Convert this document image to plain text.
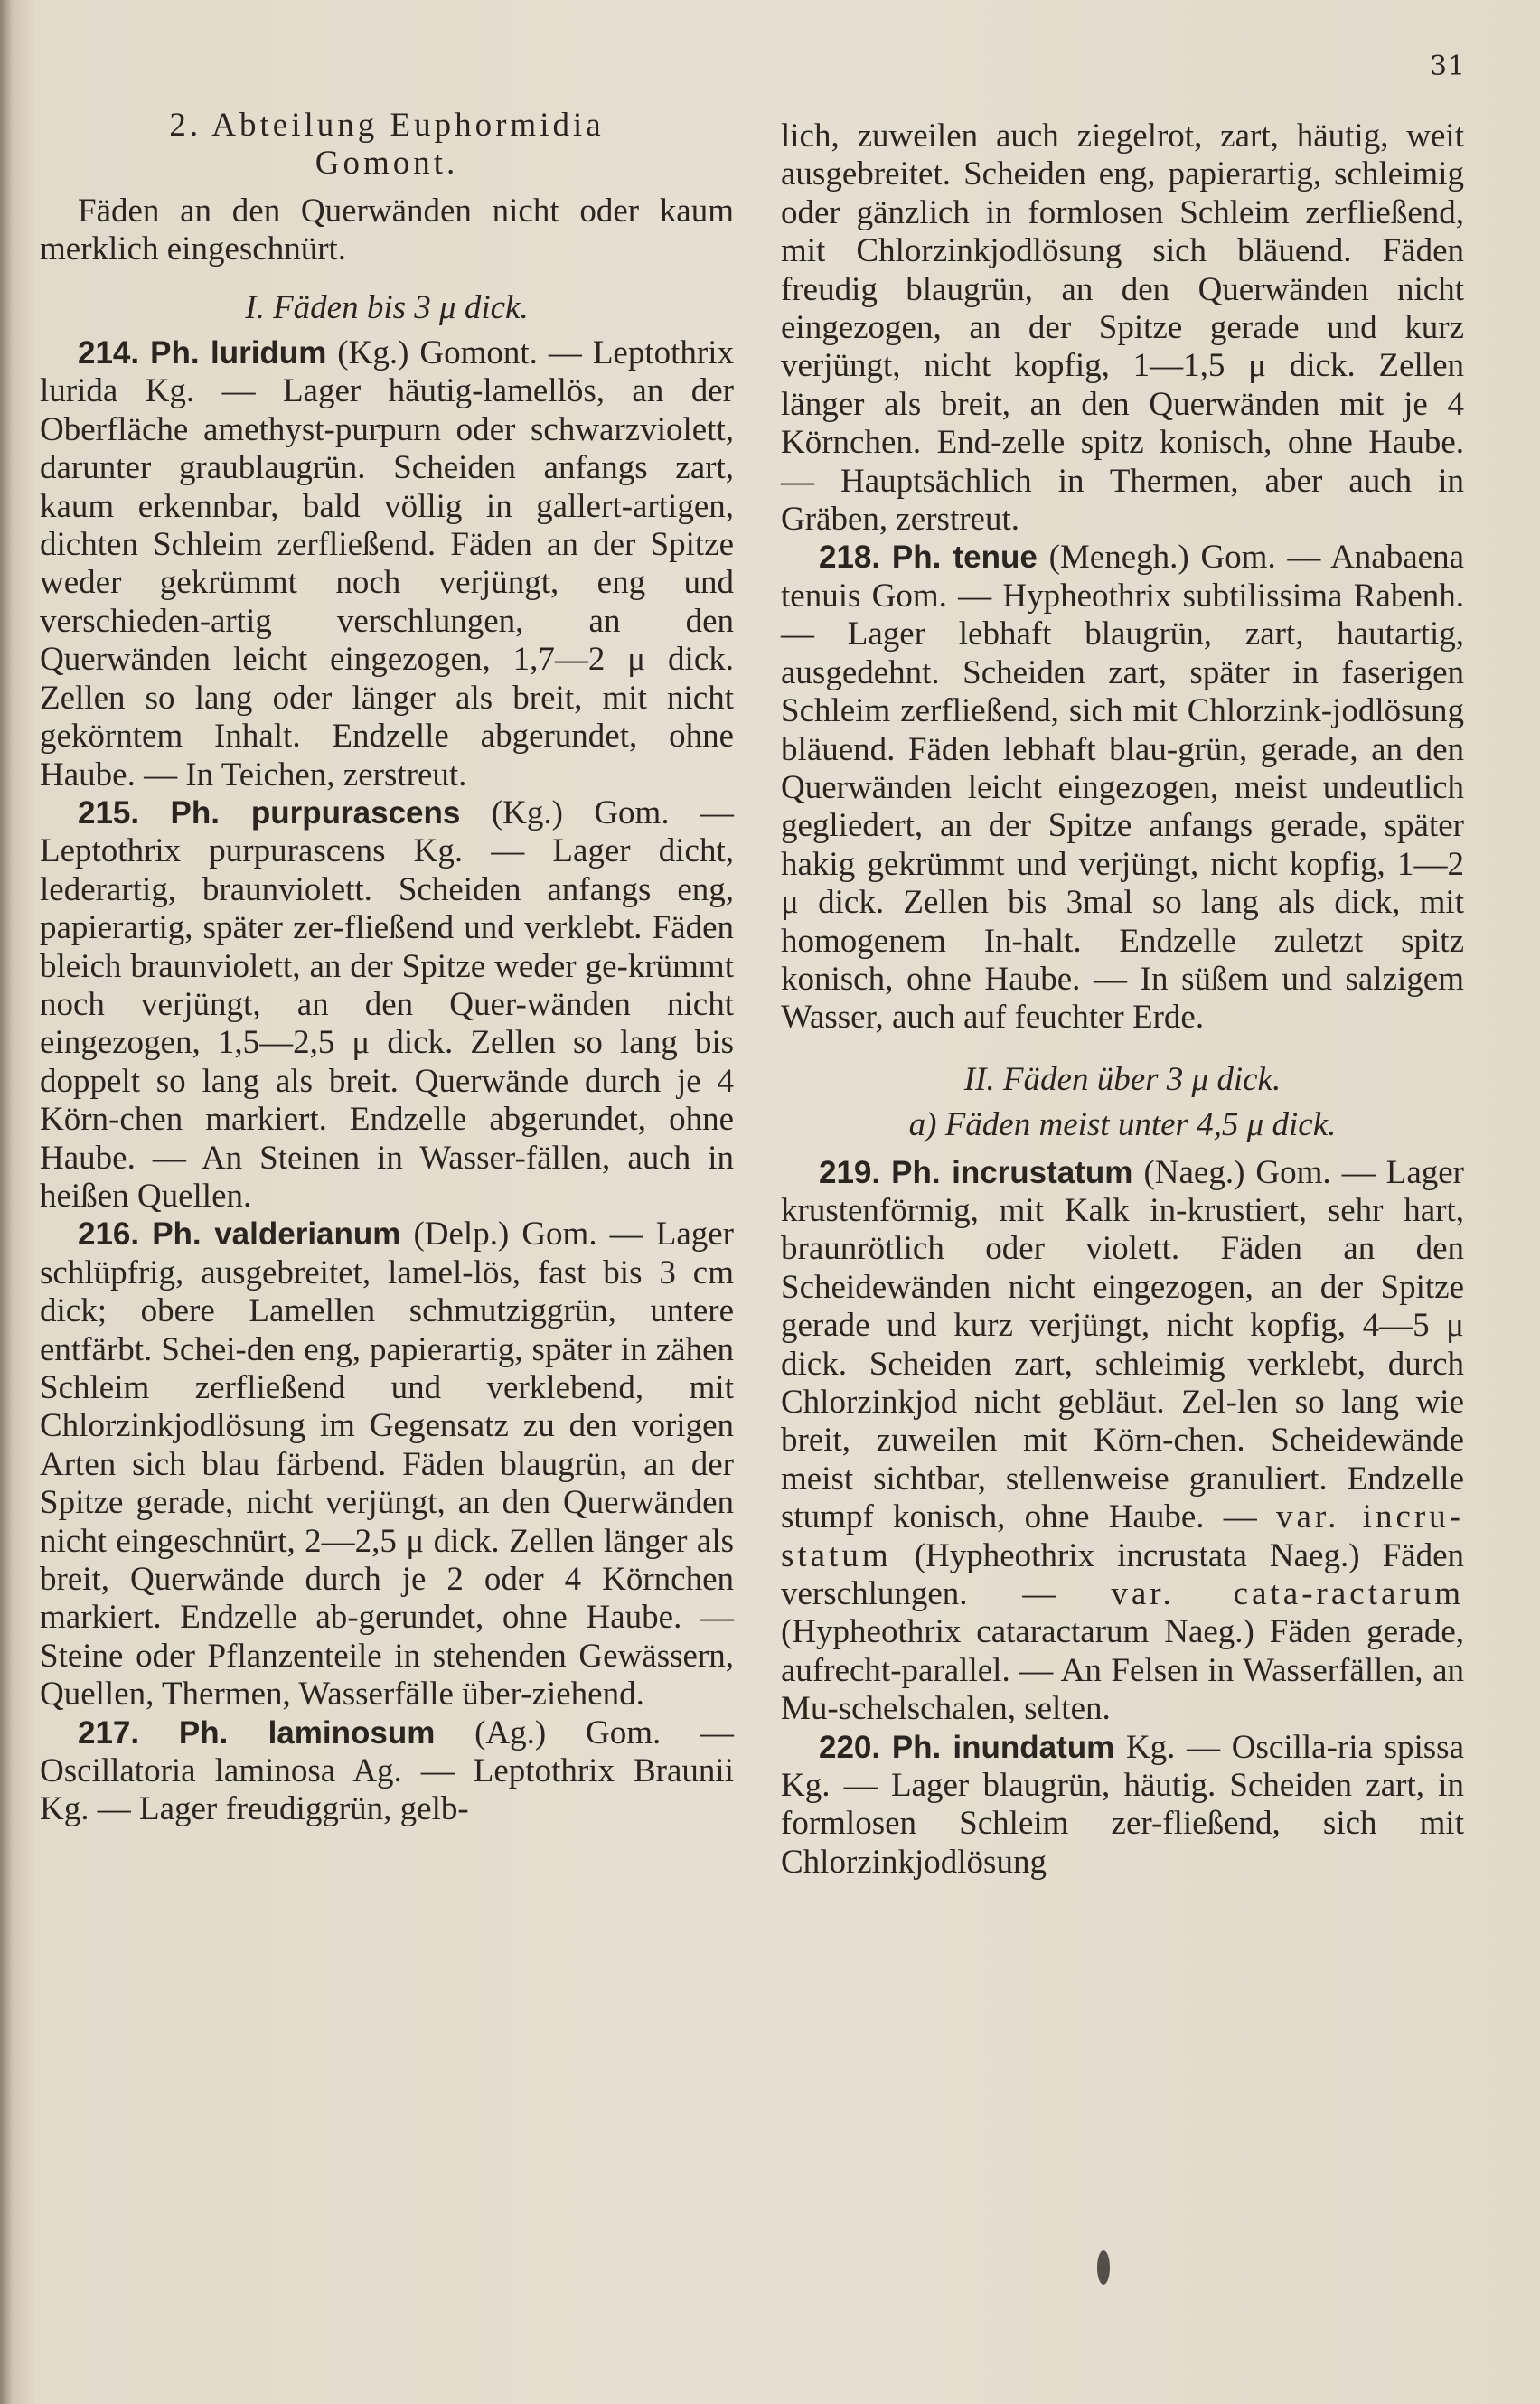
31

2. Abteilung Euphormidia

Gomont.

Fäden an den Querwänden nicht oder kaum merklich eingeschnürt.

I. Fäden bis 3 μ dick.

214. Ph. luridum (Kg.) Gomont. — Leptothrix lurida Kg. — Lager häutig-lamellös, an der Oberfläche amethyst-purpurn oder schwarzviolett, darunter graublaugrün. Scheiden anfangs zart, kaum erkennbar, bald völlig in gallert-artigen, dichten Schleim zerfließend. Fäden an der Spitze weder gekrümmt noch verjüngt, eng und verschieden-artig verschlungen, an den Querwänden leicht eingezogen, 1,7—2 μ dick. Zellen so lang oder länger als breit, mit nicht gekörntem Inhalt. Endzelle abgerundet, ohne Haube. — In Teichen, zerstreut.

215. Ph. purpurascens (Kg.) Gom. — Leptothrix purpurascens Kg. — Lager dicht, lederartig, braunviolett. Scheiden anfangs eng, papierartig, später zer-fließend und verklebt. Fäden bleich braunviolett, an der Spitze weder ge-krümmt noch verjüngt, an den Quer-wänden nicht eingezogen, 1,5—2,5 μ dick. Zellen so lang bis doppelt so lang als breit. Querwände durch je 4 Körn-chen markiert. Endzelle abgerundet, ohne Haube. — An Steinen in Wasser-fällen, auch in heißen Quellen.

216. Ph. valderianum (Delp.) Gom. — Lager schlüpfrig, ausgebreitet, lamel-lös, fast bis 3 cm dick; obere Lamellen schmutziggrün, untere entfärbt. Schei-den eng, papierartig, später in zähen Schleim zerfließend und verklebend, mit Chlorzinkjodlösung im Gegensatz zu den vorigen Arten sich blau färbend. Fäden blaugrün, an der Spitze gerade, nicht verjüngt, an den Querwänden nicht eingeschnürt, 2—2,5 μ dick. Zellen länger als breit, Querwände durch je 2 oder 4 Körnchen markiert. Endzelle ab-gerundet, ohne Haube. — Steine oder Pflanzenteile in stehenden Gewässern, Quellen, Thermen, Wasserfälle über-ziehend.

217. Ph. laminosum (Ag.) Gom. — Oscillatoria laminosa Ag. — Leptothrix Braunii Kg. — Lager freudiggrün, gelb-

lich, zuweilen auch ziegelrot, zart, häutig, weit ausgebreitet. Scheiden eng, papierartig, schleimig oder gänzlich in formlosen Schleim zerfließend, mit Chlorzinkjodlösung sich bläuend. Fäden freudig blaugrün, an den Querwänden nicht eingezogen, an der Spitze gerade und kurz verjüngt, nicht kopfig, 1—1,5 μ dick. Zellen länger als breit, an den Querwänden mit je 4 Körnchen. End-zelle spitz konisch, ohne Haube. — Hauptsächlich in Thermen, aber auch in Gräben, zerstreut.

218. Ph. tenue (Menegh.) Gom. — Anabaena tenuis Gom. — Hypheothrix subtilissima Rabenh. — Lager lebhaft blaugrün, zart, hautartig, ausgedehnt. Scheiden zart, später in faserigen Schleim zerfließend, sich mit Chlorzink-jodlösung bläuend. Fäden lebhaft blau-grün, gerade, an den Querwänden leicht eingezogen, meist undeutlich gegliedert, an der Spitze anfangs gerade, später hakig gekrümmt und verjüngt, nicht kopfig, 1—2 μ dick. Zellen bis 3mal so lang als dick, mit homogenem In-halt. Endzelle zuletzt spitz konisch, ohne Haube. — In süßem und salzigem Wasser, auch auf feuchter Erde.

II. Fäden über 3 μ dick.

a) Fäden meist unter 4,5 μ dick.

219. Ph. incrustatum (Naeg.) Gom. — Lager krustenförmig, mit Kalk in-krustiert, sehr hart, braunrötlich oder violett. Fäden an den Scheidewänden nicht eingezogen, an der Spitze gerade und kurz verjüngt, nicht kopfig, 4—5 μ dick. Scheiden zart, schleimig verklebt, durch Chlorzinkjod nicht gebläut. Zel-len so lang wie breit, zuweilen mit Körn-chen. Scheidewände meist sichtbar, stellenweise granuliert. Endzelle stumpf konisch, ohne Haube. — var. incru-statum (Hypheothrix incrustata Naeg.) Fäden verschlungen. — var. cata-ractarum (Hypheothrix cataractarum Naeg.) Fäden gerade, aufrecht-parallel. — An Felsen in Wasserfällen, an Mu-schelschalen, selten.

220. Ph. inundatum Kg. — Oscilla-ria spissa Kg. — Lager blaugrün, häutig. Scheiden zart, in formlosen Schleim zer-fließend, sich mit Chlorzinkjodlösung
